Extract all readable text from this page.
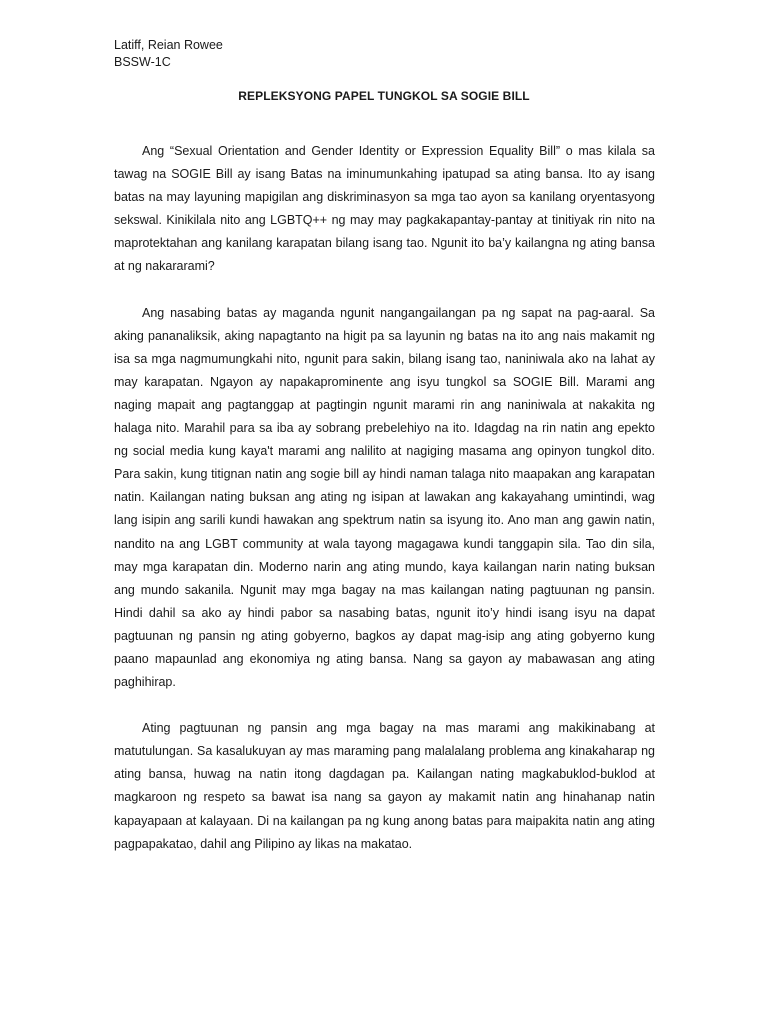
Latiff, Reian Rowee
BSSW-1C
REPLEKSYONG PAPEL TUNGKOL SA SOGIE BILL

Ang “Sexual Orientation and Gender Identity or Expression Equality Bill” o mas kilala sa tawag na SOGIE Bill ay isang Batas na iminumunkahing ipatupad sa ating bansa. Ito ay isang batas na may layuning mapigilan ang diskriminasyon sa mga tao ayon sa kanilang oryentasyong sekswal. Kinikilala nito ang LGBTQ++ ng may may pagkakapantay-pantay at tinitiyak rin nito na maprotektahan ang kanilang karapatan bilang isang tao. Ngunit ito ba’y kailangna ng ating bansa at ng nakararami?

Ang nasabing batas ay maganda ngunit nangangailangan pa ng sapat na pag-aaral. Sa aking pananaliksik, aking napagtanto na higit pa sa layunin ng batas na ito ang nais makamit ng isa sa mga nagmumungkahi nito, ngunit para sakin, bilang isang tao, naniniwala ako na lahat ay may karapatan. Ngayon ay napakaprominente ang isyu tungkol sa SOGIE Bill. Marami ang naging mapait ang pagtanggap at pagtingin ngunit marami rin ang naniniwala at nakakita ng halaga nito. Marahil para sa iba ay sobrang prebelehiyo na ito. Idagdag na rin natin ang epekto ng social media kung kaya't marami ang nalilito at nagiging masama ang opinyon tungkol dito. Para sakin, kung titignan natin ang sogie bill ay hindi naman talaga nito maapakan ang karapatan natin. Kailangan nating buksan ang ating ng isipan at lawakan ang kakayahang umintindi, wag lang isipin ang sarili kundi hawakan ang spektrum natin sa isyung ito. Ano man ang gawin natin, nandito na ang LGBT community at wala tayong magagawa kundi tanggapin sila. Tao din sila, may mga karapatan din. Moderno narin ang ating mundo, kaya kailangan narin nating buksan ang mundo sakanila. Ngunit may mga bagay na mas kailangan nating pagtuunan ng pansin. Hindi dahil sa ako ay hindi pabor sa nasabing batas, ngunit ito’y hindi isang isyu na dapat pagtuunan ng pansin ng ating gobyerno, bagkos ay dapat mag-isip ang ating gobyerno kung paano mapaunlad ang ekonomiya ng ating bansa. Nang sa gayon ay mabawasan ang ating paghihirap.

Ating pagtuunan ng pansin ang mga bagay na mas marami ang makikinabang at matutulungan. Sa kasalukuyan ay mas maraming pang malalalang problema ang kinakaharap ng ating bansa, huwag na natin itong dagdagan pa. Kailangan nating magkabuklod-buklod at magkaroon ng respeto sa bawat isa nang sa gayon ay makamit natin ang hinahanap natin kapayapaan at kalayaan. Di na kailangan pa ng kung anong batas para maipakita natin ang ating pagpapakatao, dahil ang Pilipino ay likas na makatao.
